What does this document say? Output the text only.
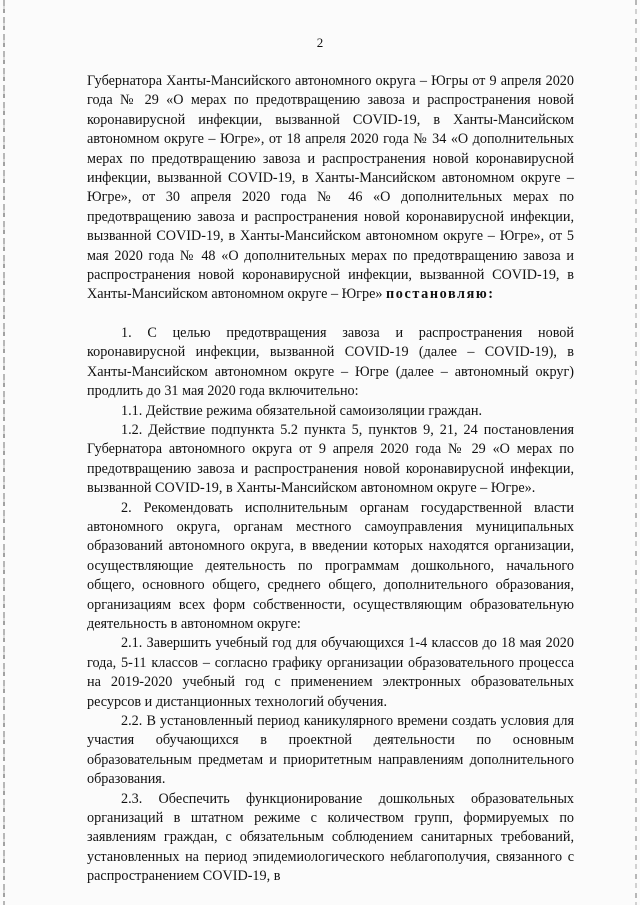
2

Губернатора Ханты-Мансийского автономного округа – Югры от 9 апреля 2020 года № 29 «О мерах по предотвращению завоза и распространения новой коронавирусной инфекции, вызванной COVID-19, в Ханты-Мансийском автономном округе – Югре», от 18 апреля 2020 года № 34 «О дополнительных мерах по предотвращению завоза и распространения новой коронавирусной инфекции, вызванной COVID-19, в Ханты-Мансийском автономном округе – Югре», от 30 апреля 2020 года № 46 «О дополнительных мерах по предотвращению завоза и распространения новой коронавирусной инфекции, вызванной COVID-19, в Ханты-Мансийском автономном округе – Югре», от 5 мая 2020 года № 48 «О дополнительных мерах по предотвращению завоза и распространения новой коронавирусной инфекции, вызванной COVID-19, в Ханты-Мансийском автономном округе – Югре» постановляю:

1. С целью предотвращения завоза и распространения новой коронавирусной инфекции, вызванной COVID-19 (далее – COVID-19), в Ханты-Мансийском автономном округе – Югре (далее – автономный округ) продлить до 31 мая 2020 года включительно:

1.1. Действие режима обязательной самоизоляции граждан.

1.2. Действие подпункта 5.2 пункта 5, пунктов 9, 21, 24 постановления Губернатора автономного округа от 9 апреля 2020 года № 29 «О мерах по предотвращению завоза и распространения новой коронавирусной инфекции, вызванной COVID-19, в Ханты-Мансийском автономном округе – Югре».

2. Рекомендовать исполнительным органам государственной власти автономного округа, органам местного самоуправления муниципальных образований автономного округа, в введении которых находятся организации, осуществляющие деятельность по программам дошкольного, начального общего, основного общего, среднего общего, дополнительного образования, организациям всех форм собственности, осуществляющим образовательную деятельность в автономном округе:

2.1. Завершить учебный год для обучающихся 1-4 классов до 18 мая 2020 года, 5-11 классов – согласно графику организации образовательного процесса на 2019-2020 учебный год с применением электронных образовательных ресурсов и дистанционных технологий обучения.

2.2. В установленный период каникулярного времени создать условия для участия обучающихся в проектной деятельности по основным образовательным предметам и приоритетным направлениям дополнительного образования.

2.3. Обеспечить функционирование дошкольных образовательных организаций в штатном режиме с количеством групп, формируемых по заявлениям граждан, с обязательным соблюдением санитарных требований, установленных на период эпидемиологического неблагополучия, связанного с распространением COVID-19, в
